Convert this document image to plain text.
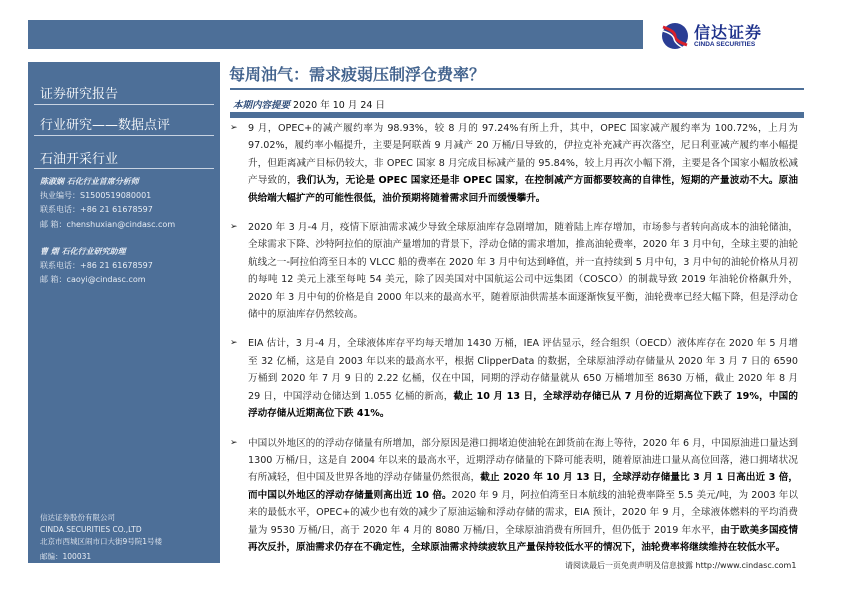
信达证券
CINDA SECURITIES
证券研究报告
行业研究——数据点评
石油开采行业
陈淑娴 石化行业首席分析师
执业编号：S1500519080001
联系电话：+86 21 61678597
邮 箱：chenshuxian@cindasc.com
曹 熠 石化行业研究助理
联系电话：+86 21 61678597
邮 箱：caoyi@cindasc.com
信达证券股份有限公司
CINDA SECURITIES CO.,LTD
北京市西城区闹市口大街9号院1号楼
邮编：100031
每周油气：需求疲弱压制浮仓费率？
本期内容提要 2020 年 10 月 24 日
➢ 9 月，OPEC+的减产履约率为 98.93%，较 8 月的 97.24%有所上升，其中，OPEC 国家减产履约率为 100.72%，上月为 97.02%，履约率小幅提升，主要是阿联酋 9 月减产 20 万桶/日导致的，伊拉克补充减产再次落空，尼日利亚减产履约率小幅提升，但距离减产目标仍较大，非 OPEC 国家 8 月完成目标减产量的 95.84%，较上月再次小幅下滑，主要是各个国家小幅放松减产导致的，我们认为，无论是 OPEC 国家还是非 OPEC 国家，在控制减产方面都要较高的自律性，短期的产量波动不大。原油供给端大幅扩产的可能性很低，油价预期将随着需求回升而缓慢攀升。
➢ 2020 年 3 月-4 月，疫情下原油需求减少导致全球原油库存急剧增加，随着陆上库存增加，市场参与者转向高成本的油轮储油，全球需求下降、沙特阿拉伯的原油产量增加的背景下，浮动仓储的需求增加，推高油轮费率，2020 年 3 月中旬，全球主要的油轮航线之一-阿拉伯湾至日本的 VLCC 船的费率在 2020 年 3 月中旬达到峰值，并一直持续到 5 月中旬，3 月中旬的油轮价格从月初的每吨 12 美元上涨至每吨 54 美元，除了因美国对中国航运公司中远集团（COSCO）的制裁导致 2019 年油轮价格飙升外，2020 年 3 月中旬的价格是自 2000 年以来的最高水平，随着原油供需基本面逐渐恢复平衡，油轮费率已经大幅下降，但是浮动仓储中的原油库存仍然较高。
➢ EIA 估计，3 月-4 月，全球液体库存平均每天增加 1430 万桶，IEA 评估显示，经合组织（OECD）液体库存在 2020 年 5 月增至 32 亿桶，这是自 2003 年以来的最高水平，根据 ClipperData 的数据，全球原油浮动存储量从 2020 年 3 月 7 日的 6590 万桶到 2020 年 7 月 9 日的 2.22 亿桶，仅在中国，同期的浮动存储量就从 650 万桶增加至 8630 万桶，截止 2020 年 8 月 29 日，中国浮动仓储达到 1.055 亿桶的新高，截止 10 月 13 日，全球浮动存储已从 7 月份的近期高位下跌了 19%，中国的浮动存储从近期高位下跌 41%。
➢ 中国以外地区的的浮动存储量有所增加，部分原因是港口拥堵迫使油轮在卸货前在海上等待，2020 年 6 月，中国原油进口量达到 1300 万桶/日，这是自 2004 年以来的最高水平，近期浮动存储量的下降可能表明，随着原油进口量从高位回落，港口拥堵状况有所减轻，但中国及世界各地的浮动存储量仍然很高，截止 2020 年 10 月 13 日，全球浮动存储量比 3 月 1 日高出近 3 倍，而中国以外地区的浮动存储量则高出近 10 倍。2020 年 9 月，阿拉伯湾至日本航线的油轮费率降至 5.5 美元/吨，为 2003 年以来的最低水平，OPEC+的减少也有效的减少了原油运输和浮动存储的需求，EIA 预计，2020 年 9 月，全球液体燃料的平均消费量为 9530 万桶/日，高于 2020 年 4 月的 8080 万桶/日，全球原油消费有所回升，但仍低于 2019 年水平，由于欧美多国疫情再次反扑，原油需求仍存在不确定性，全球原油需求持续疲软且产量保持较低水平的情况下，油轮费率将继续维持在较低水平。
请阅读最后一页免责声明及信息披露 http://www.cindasc.com1
